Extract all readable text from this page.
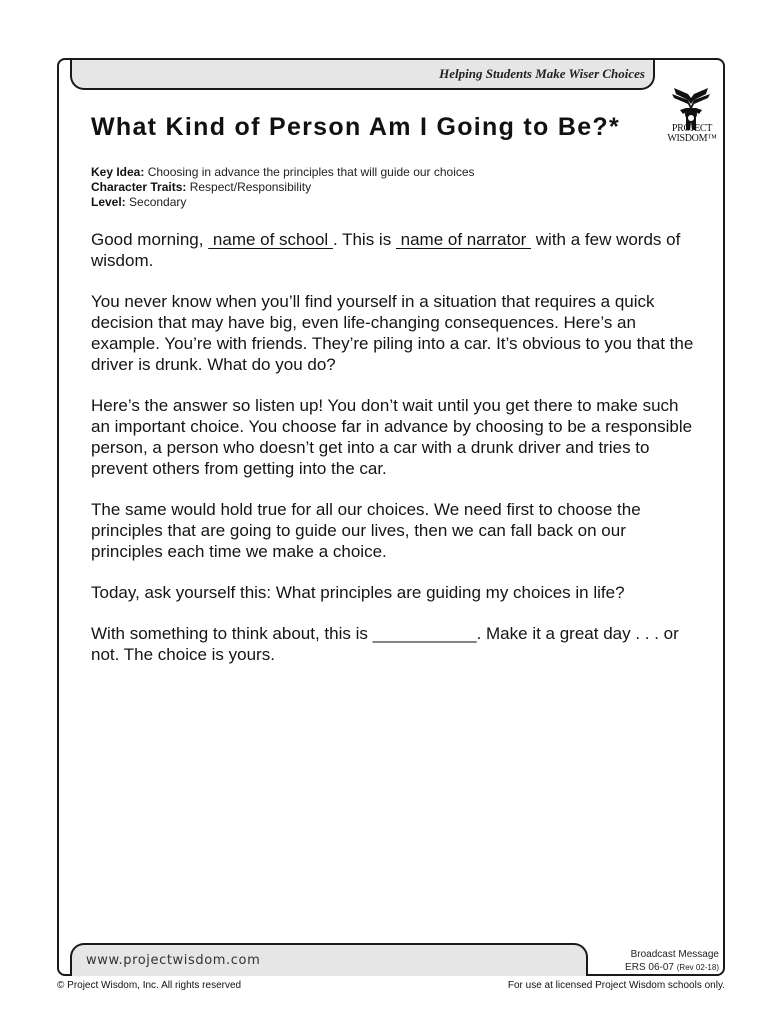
Helping Students Make Wiser Choices
PROJECT
WISDOM™
What Kind of Person Am I Going to Be?*
Key Idea: Choosing in advance the principles that will guide our choices
Character Traits: Respect/Responsibility
Level: Secondary

Good morning,  name of school . This is  name of narrator  with a few words of wisdom.

You never know when you’ll find yourself in a situation that requires a quick decision that may have big, even life-changing consequences. Here’s an example. You’re with friends. They’re piling into a car. It’s obvious to you that the driver is drunk. What do you do?

Here’s the answer so listen up! You don’t wait until you get there to make such an important choice. You choose far in advance by choosing to be a responsible person, a person who doesn’t get into a car with a drunk driver and tries to prevent others from getting into the car.

The same would hold true for all our choices. We need first to choose the principles that are going to guide our lives, then we can fall back on our principles each time we make a choice.

Today, ask yourself this: What principles are guiding my choices in life?

With something to think about, this is ___________. Make it a great day . . . or not. The choice is yours.

www.projectwisdom.com	Broadcast Message
ERS 06-07 (Rev 02-18)
© Project Wisdom, Inc. All rights reserved	For use at licensed Project Wisdom schools only.
